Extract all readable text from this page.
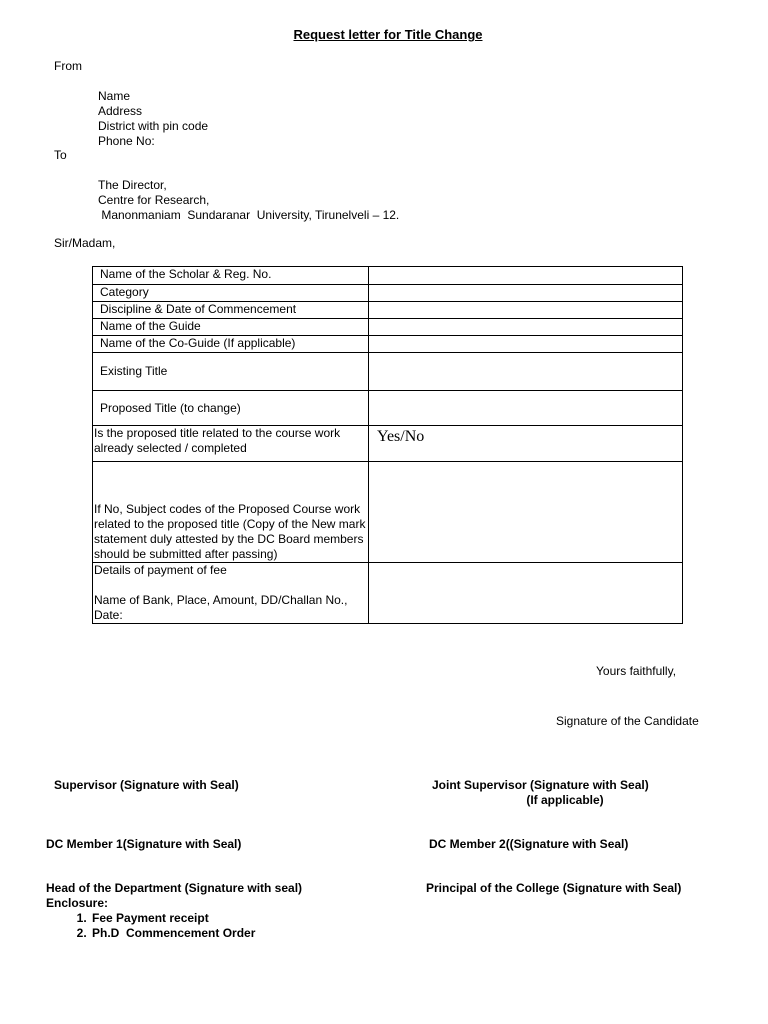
Request letter for Title Change
From
Name
Address
District with pin code
Phone No:
To
The Director,
Centre for Research,
Manonmaniam  Sundaranar  University, Tirunelveli – 12.
Sir/Madam,
Name of the Scholar & Reg. No.	
Category	
Discipline & Date of Commencement	
Name of the Guide	
Name of the Co-Guide (If applicable)	
Existing Title	
Proposed Title (to change)	
Is the proposed title related to the course work already selected / completed	Yes/No

If No, Subject codes of the Proposed Course work related to the proposed title (Copy of the New mark statement duly attested by the DC Board members should be submitted after passing)	

Details of payment of fee
Name of Bank, Place, Amount, DD/Challan No., Date:	

Yours faithfully,
Signature of the Candidate
Supervisor (Signature with Seal)	Joint Supervisor (Signature with Seal)
(If applicable)
DC Member 1(Signature with Seal)	DC Member 2((Signature with Seal)
Head of the Department (Signature with seal)	Principal of the College (Signature with Seal)
Enclosure:
1. Fee Payment receipt
2. Ph.D  Commencement Order
